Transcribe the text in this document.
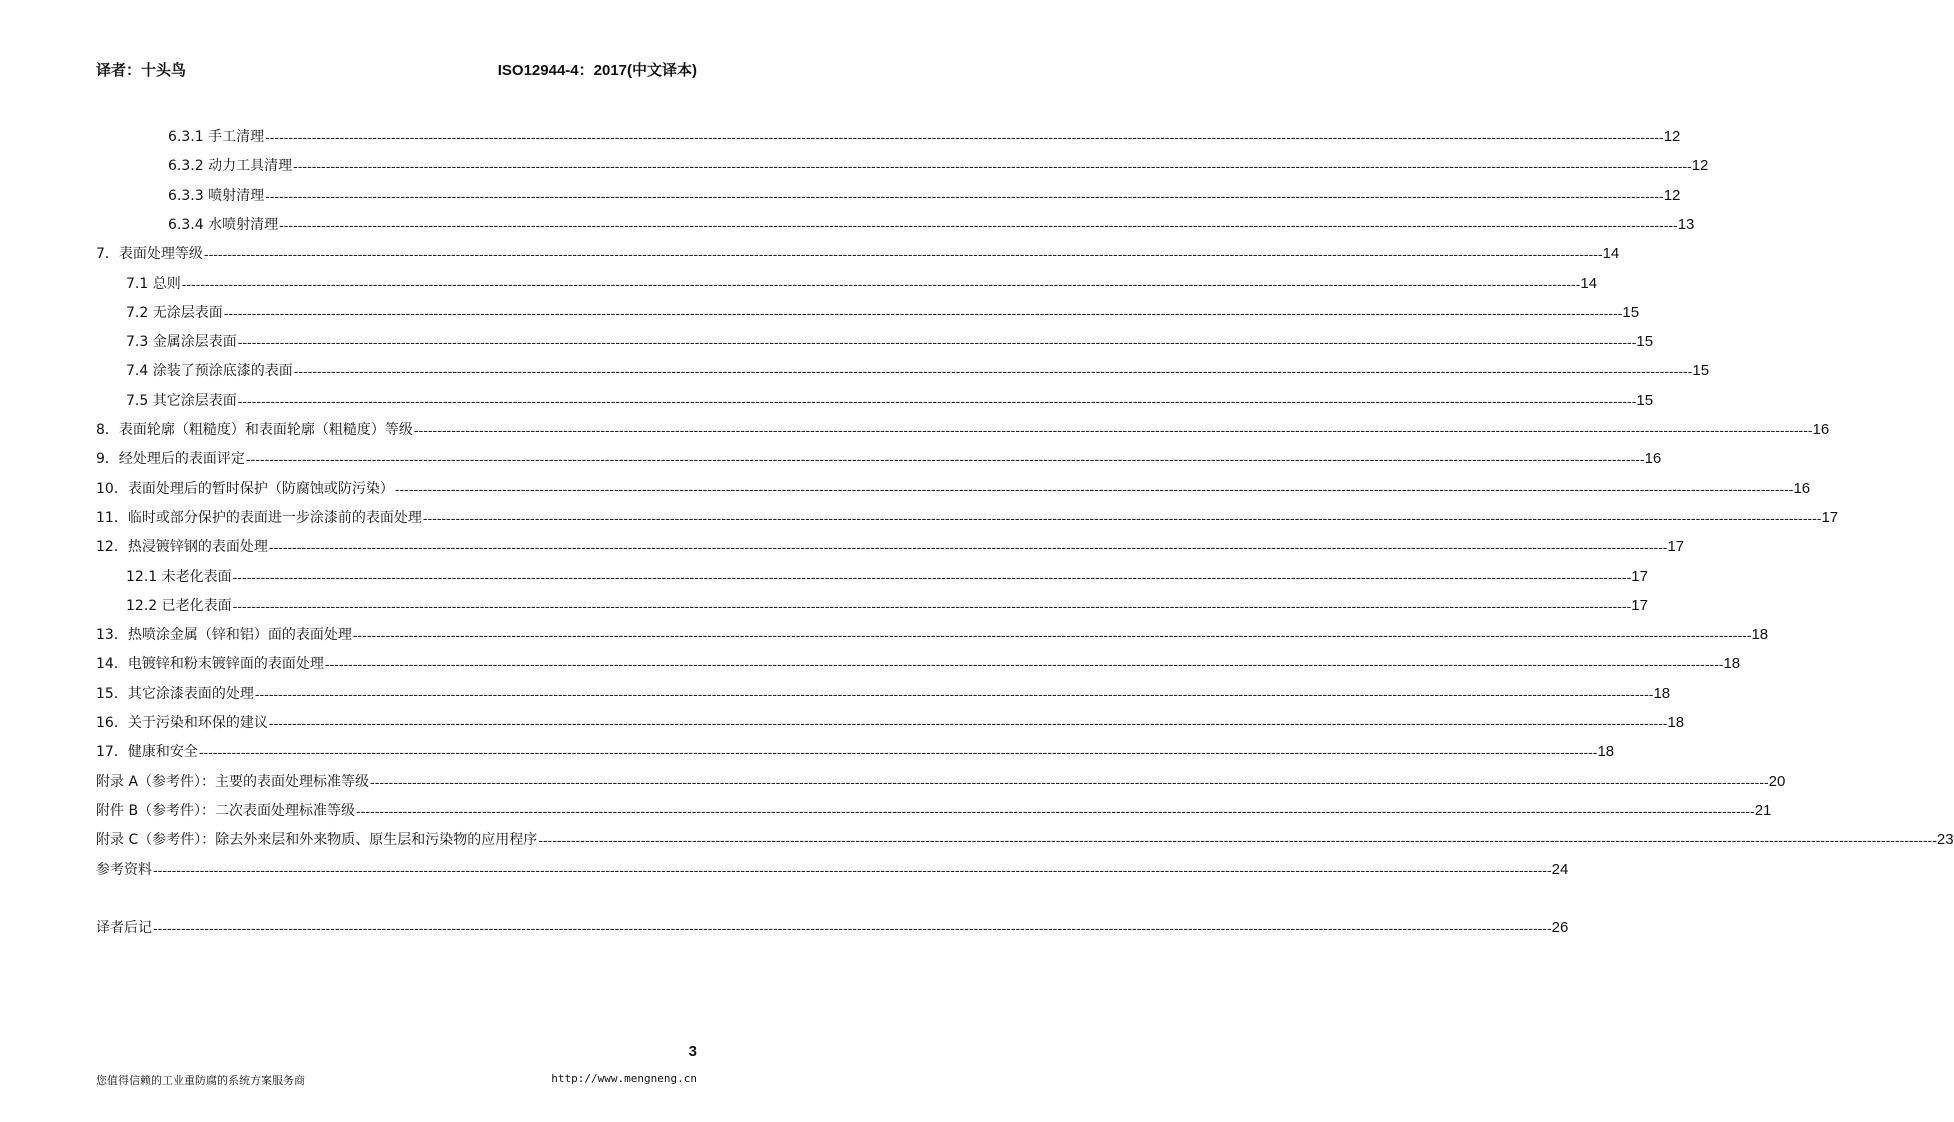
译者：十头鸟	ISO12944-4：2017(中文译本)
6.3.1 手工清理 ------------------------------------------------------------------------------------------------------------------------------------------------------------------------------------------------------------------------------------------------------------------------------------------------------------ 12
6.3.2 动力工具清理 ------------------------------------------------------------------------------------------------------------------------------------------------------------------------------------------------------------------------------------------------------------------------------------------------------------ 12
6.3.3 喷射清理 ------------------------------------------------------------------------------------------------------------------------------------------------------------------------------------------------------------------------------------------------------------------------------------------------------------ 12
6.3.4 水喷射清理 ------------------------------------------------------------------------------------------------------------------------------------------------------------------------------------------------------------------------------------------------------------------------------------------------------------ 13
7．表面处理等级 ------------------------------------------------------------------------------------------------------------------------------------------------------------------------------------------------------------------------------------------------------------------------------------------------------------ 14
7.1 总则 ------------------------------------------------------------------------------------------------------------------------------------------------------------------------------------------------------------------------------------------------------------------------------------------------------------ 14
7.2 无涂层表面 ------------------------------------------------------------------------------------------------------------------------------------------------------------------------------------------------------------------------------------------------------------------------------------------------------------ 15
7.3 金属涂层表面 ------------------------------------------------------------------------------------------------------------------------------------------------------------------------------------------------------------------------------------------------------------------------------------------------------------ 15
7.4 涂装了预涂底漆的表面 ------------------------------------------------------------------------------------------------------------------------------------------------------------------------------------------------------------------------------------------------------------------------------------------------------------ 15
7.5 其它涂层表面 ------------------------------------------------------------------------------------------------------------------------------------------------------------------------------------------------------------------------------------------------------------------------------------------------------------ 15
8．表面轮廓（粗糙度）和表面轮廓（粗糙度）等级 ------------------------------------------------------------------------------------------------------------------------------------------------------------------------------------------------------------------------------------------------------------------------------------------------------------ 16
9．经处理后的表面评定 ------------------------------------------------------------------------------------------------------------------------------------------------------------------------------------------------------------------------------------------------------------------------------------------------------------ 16
10．表面处理后的暂时保护（防腐蚀或防污染） ------------------------------------------------------------------------------------------------------------------------------------------------------------------------------------------------------------------------------------------------------------------------------------------------------------ 16
11．临时或部分保护的表面进一步涂漆前的表面处理 ------------------------------------------------------------------------------------------------------------------------------------------------------------------------------------------------------------------------------------------------------------------------------------------------------------ 17
12．热浸镀锌钢的表面处理 ------------------------------------------------------------------------------------------------------------------------------------------------------------------------------------------------------------------------------------------------------------------------------------------------------------ 17
12.1 未老化表面 ------------------------------------------------------------------------------------------------------------------------------------------------------------------------------------------------------------------------------------------------------------------------------------------------------------ 17
12.2 已老化表面 ------------------------------------------------------------------------------------------------------------------------------------------------------------------------------------------------------------------------------------------------------------------------------------------------------------ 17
13．热喷涂金属（锌和铝）面的表面处理 ------------------------------------------------------------------------------------------------------------------------------------------------------------------------------------------------------------------------------------------------------------------------------------------------------------ 18
14．电镀锌和粉末镀锌面的表面处理 ------------------------------------------------------------------------------------------------------------------------------------------------------------------------------------------------------------------------------------------------------------------------------------------------------------ 18
15．其它涂漆表面的处理 ------------------------------------------------------------------------------------------------------------------------------------------------------------------------------------------------------------------------------------------------------------------------------------------------------------ 18
16．关于污染和环保的建议 ------------------------------------------------------------------------------------------------------------------------------------------------------------------------------------------------------------------------------------------------------------------------------------------------------------ 18
17．健康和安全 ------------------------------------------------------------------------------------------------------------------------------------------------------------------------------------------------------------------------------------------------------------------------------------------------------------ 18
附录 A（参考件）：主要的表面处理标准等级 ------------------------------------------------------------------------------------------------------------------------------------------------------------------------------------------------------------------------------------------------------------------------------------------------------------ 20
附件 B（参考件）：二次表面处理标准等级 ------------------------------------------------------------------------------------------------------------------------------------------------------------------------------------------------------------------------------------------------------------------------------------------------------------ 21
附录 C（参考件）：除去外来层和外来物质、原生层和污染物的应用程序 ------------------------------------------------------------------------------------------------------------------------------------------------------------------------------------------------------------------------------------------------------------------------------------------------------------ 23
参考资料 ------------------------------------------------------------------------------------------------------------------------------------------------------------------------------------------------------------------------------------------------------------------------------------------------------------ 24
译者后记 ------------------------------------------------------------------------------------------------------------------------------------------------------------------------------------------------------------------------------------------------------------------------------------------------------------ 26
3
您值得信赖的工业重防腐的系统方案服务商	http://www.mengneng.cn
